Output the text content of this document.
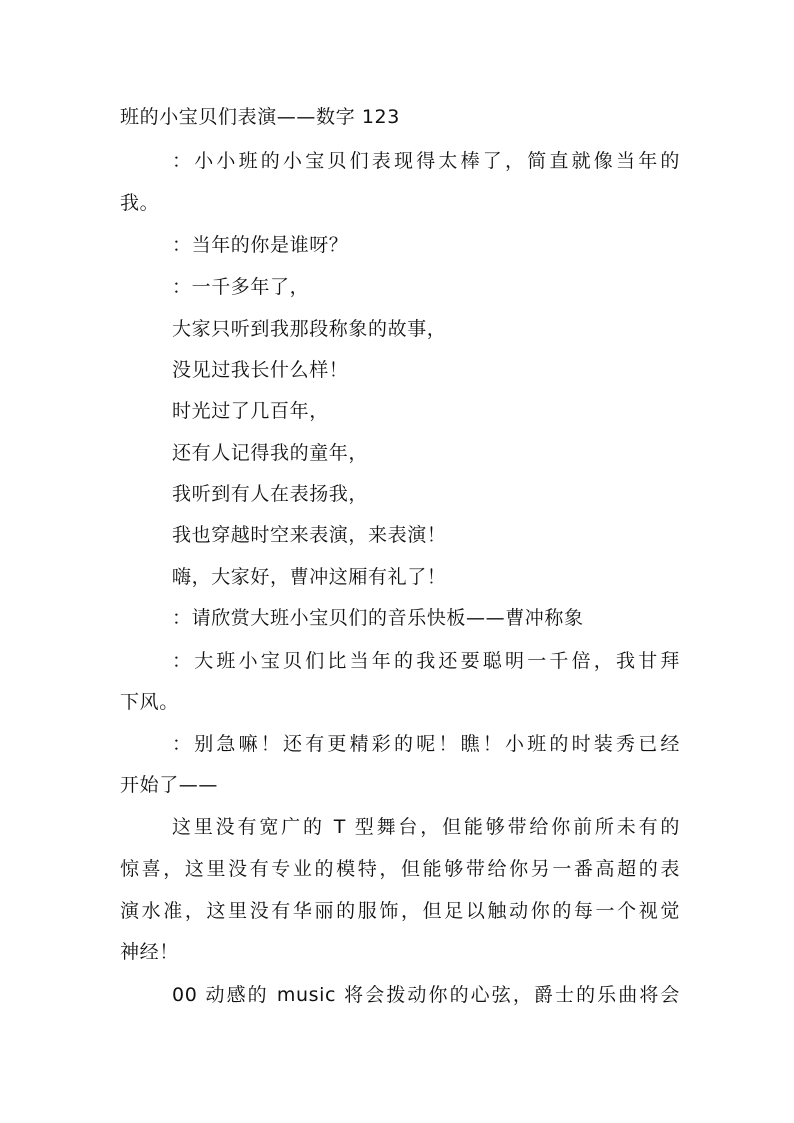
班的小宝贝们表演——数字 123
：小小班的小宝贝们表现得太棒了，简直就像当年的
我。
：当年的你是谁呀？
：一千多年了，
大家只听到我那段称象的故事，
没见过我长什么样！
时光过了几百年，
还有人记得我的童年，
我听到有人在表扬我，
我也穿越时空来表演，来表演！
嗨，大家好，曹冲这厢有礼了！
：请欣赏大班小宝贝们的音乐快板——曹冲称象
：大班小宝贝们比当年的我还要聪明一千倍，我甘拜
下风。
：别急嘛！还有更精彩的呢！瞧！小班的时装秀已经
开始了——
这里没有宽广的 T 型舞台，但能够带给你前所未有的
惊喜，这里没有专业的模特，但能够带给你另一番高超的表
演水准，这里没有华丽的服饰，但足以触动你的每一个视觉
神经！
00 动感的 music 将会拨动你的心弦，爵士的乐曲将会
